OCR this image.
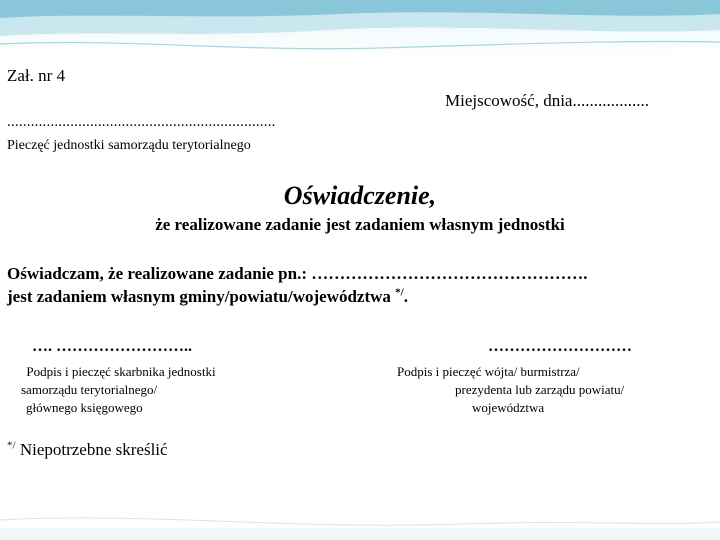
Zał. nr 4
Miejscowość, dnia..................
....................................................................
Pieczęć jednostki samorządu terytorialnego
Oświadczenie,
że realizowane zadanie jest zadaniem własnym jednostki
Oświadczam, że realizowane zadanie pn.: ………………………………………….
jest zadaniem własnym gminy/powiatu/województwa */.
…. ……………………..	………………………
Podpis i pieczęć skarbnika jednostki
samorządu terytorialnego/
głównego księgowego
Podpis i pieczęć wójta/ burmistrza/
prezydenta lub zarządu powiatu/
województwa
*/ Niepotrzebne skreślić
